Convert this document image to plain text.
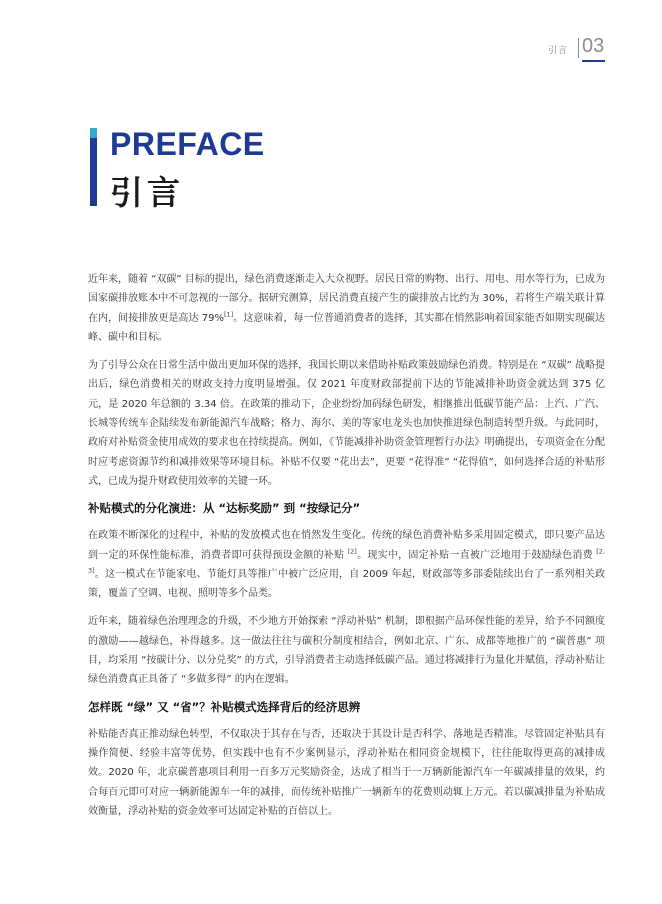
引言 03
PREFACE
引言

近年来，随着 “双碳” 目标的提出，绿色消费逐渐走入大众视野。居民日常的购物、出行、用电、用水等行为，已成为国家碳排放账本中不可忽视的一部分。据研究测算，居民消费直接产生的碳排放占比约为 30%，若将生产端关联计算在内，间接排放更是高达 79%[1]。这意味着，每一位普通消费者的选择，其实都在悄然影响着国家能否如期实现碳达峰、碳中和目标。

为了引导公众在日常生活中做出更加环保的选择，我国长期以来借助补贴政策鼓励绿色消费。特别是在 “双碳” 战略提出后，绿色消费相关的财政支持力度明显增强。仅 2021 年度财政部提前下达的节能减排补助资金就达到 375 亿元，是 2020 年总额的 3.34 倍。在政策的推动下，企业纷纷加码绿色研发，相继推出低碳节能产品：上汽、广汽、长城等传统车企陆续发布新能源汽车战略；格力、海尔、美的等家电龙头也加快推进绿色制造转型升级。与此同时，政府对补贴资金使用成效的要求也在持续提高。例如，《节能减排补助资金管理暂行办法》明确提出，专项资金在分配时应考虑资源节约和减排效果等环境目标。补贴不仅要 “花出去”，更要 “花得准” “花得值”，如何选择合适的补贴形式，已成为提升财政使用效率的关键一环。

补贴模式的分化演进：从 “达标奖励” 到 “按绿记分”

在政策不断深化的过程中，补贴的发放模式也在悄然发生变化。传统的绿色消费补贴多采用固定模式，即只要产品达到一定的环保性能标准，消费者即可获得预设金额的补贴 [2]。现实中，固定补贴一直被广泛地用于鼓励绿色消费 [2, 3]。这一模式在节能家电、节能灯具等推广中被广泛应用，自 2009 年起，财政部等多部委陆续出台了一系列相关政策，覆盖了空调、电视、照明等多个品类。

近年来，随着绿色治理理念的升级，不少地方开始探索 “浮动补贴” 机制，即根据产品环保性能的差异，给予不同额度的激励——越绿色，补得越多。这一做法往往与碳积分制度相结合，例如北京、广东、成都等地推广的 “碳普惠” 项目，均采用 “按碳计分、以分兑奖” 的方式，引导消费者主动选择低碳产品。通过将减排行为量化并赋值，浮动补贴让绿色消费真正具备了 “多做多得” 的内在逻辑。

怎样既 “绿” 又 “省”？补贴模式选择背后的经济思辨

补贴能否真正推动绿色转型，不仅取决于其存在与否，还取决于其设计是否科学、落地是否精准。尽管固定补贴具有操作简便、经验丰富等优势，但实践中也有不少案例显示，浮动补贴在相同资金规模下，往往能取得更高的减排成效。2020 年，北京碳普惠项目利用一百多万元奖励资金，达成了相当于一万辆新能源汽车一年碳减排量的效果，约合每百元即可对应一辆新能源车一年的减排，而传统补贴推广一辆新车的花费则动辄上万元。若以碳减排量为补贴成效衡量，浮动补贴的资金效率可达固定补贴的百倍以上。
